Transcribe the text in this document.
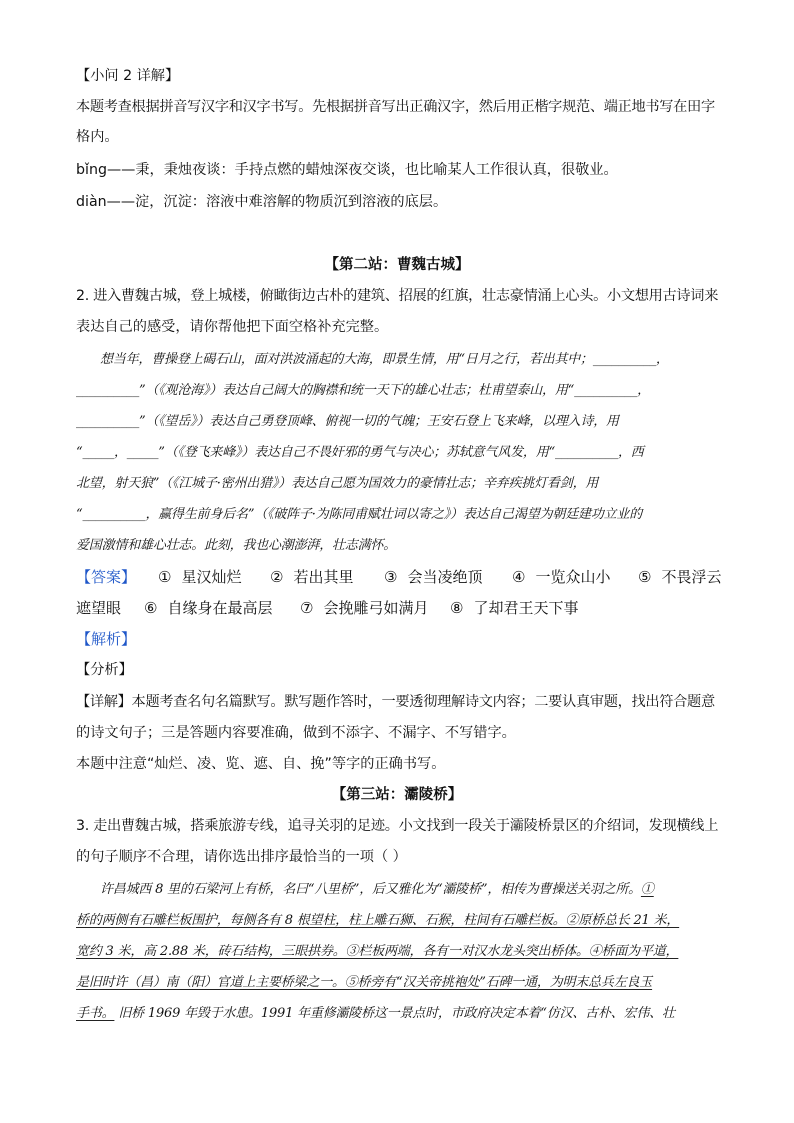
【小问 2 详解】
本题考查根据拼音写汉字和汉字书写。先根据拼音写出正确汉字，然后用正楷字规范、端正地书写在田字
格内。
bǐng——秉，秉烛夜谈：手持点燃的蜡烛深夜交谈，也比喻某人工作很认真，很敬业。
diàn——淀，沉淀：溶液中难溶解的物质沉到溶液的底层。
【第二站：曹魏古城】
2. 进入曹魏古城，登上城楼，俯瞰街边古朴的建筑、招展的红旗，壮志豪情涌上心头。小文想用古诗词来
表达自己的感受，请你帮他把下面空格补充完整。
想当年，曹操登上碣石山，面对洪波涌起的大海，即景生情，用“日月之行，若出其中；__________，
__________”（《观沧海》）表达自己阔大的胸襟和统一天下的雄心壮志；杜甫望泰山，用“__________，
__________”（《望岳》）表达自己勇登顶峰、俯视一切的气魄；王安石登上飞来峰，以理入诗，用
“_____，_____”（《登飞来峰》）表达自己不畏奸邪的勇气与决心；苏轼意气风发，用“__________，西
北望，射天狼”（《江城子·密州出猎》）表达自己愿为国效力的豪情壮志；辛弃疾挑灯看剑，用
“__________，赢得生前身后名”（《破阵子·为陈同甫赋壮词以寄之》）表达自己渴望为朝廷建功立业的
爱国激情和雄心壮志。此刻，我也心潮澎湃，壮志满怀。
【答案】 ① 星汉灿烂 ② 若出其里 ③ 会当凌绝顶 ④ 一览众山小 ⑤ 不畏浮云
遮望眼 ⑥ 自缘身在最高层 ⑦ 会挽雕弓如满月 ⑧ 了却君王天下事
【解析】
【分析】
【详解】本题考查名句名篇默写。默写题作答时，一要透彻理解诗文内容；二要认真审题，找出符合题意
的诗文句子；三是答题内容要准确，做到不添字、不漏字、不写错字。
本题中注意“灿烂、凌、览、遮、自、挽”等字的正确书写。
【第三站：灞陵桥】
3. 走出曹魏古城，搭乘旅游专线，追寻关羽的足迹。小文找到一段关于灞陵桥景区的介绍词，发现横线上
的句子顺序不合理，请你选出排序最恰当的一项（ ）
许昌城西 8 里的石梁河上有桥，名曰“八里桥”，后又雅化为“灞陵桥”，相传为曹操送关羽之所。①
桥的两侧有石雕栏板围护，每侧各有 8 根望柱，柱上雕石狮、石猴，柱间有石雕栏板。②原桥总长 21 米，
宽约 3 米，高 2.88 米，砖石结构，三眼拱券。③栏板两端，各有一对汉水龙头突出桥体。④桥面为平道，
是旧时许（昌）南（阳）官道上主要桥梁之一。⑤桥旁有“汉关帝挑袍处”石碑一通，为明末总兵左良玉
手书。 旧桥 1969 年毁于水患。1991 年重修灞陵桥这一景点时，市政府决定本着“仿汉、古朴、宏伟、壮
